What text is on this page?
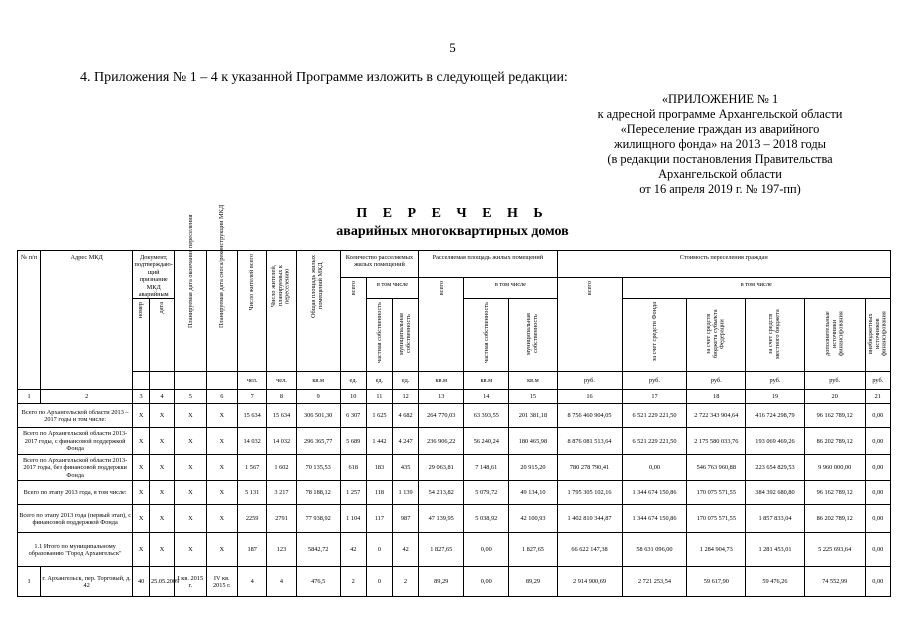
5
4. Приложения № 1 – 4 к указанной Программе изложить в следующей редакции:
«ПРИЛОЖЕНИЕ № 1
к адресной программе Архангельской области
«Переселение граждан из аварийного
жилищного фонда» на 2013 – 2018 годы
(в редакции постановления Правительства
Архангельской области
от 16 апреля 2019 г. № 197-пп)
П Е Р Е Ч Е Н Ь
аварийных многоквартирных домов
№ п/п	Адрес МКД	Документ, подтверждаю-щий признание МКД аварийным		Планируемая дата окончания переселения	Планируемая дата сноса/реконструкции МКД	Число жителей всего	Число жителей, планируемых к переселению	Общая площадь жилых помещений МКД	Количество расселяемых жилых помещений			Расселяемая площадь жилых помещений			Стоимость переселения граждан					
									всего	в том числе		всего	в том числе		всего	в том числе				
		номер	дата							частная собственность	муниципальная собственность		частная собственность	муниципальная собственность		за счет средств Фонда	за счет средств бюджета субъекта Федерации	за счет средств местного бюджета	дополнительные источники финансирования	внебюджетных источников финансирования
						чел.	чел.	кв.м	ед.	ед.	ед.	кв.м	кв.м	кв.м	руб.	руб.	руб.	руб.	руб.	руб.
1	2	3	4	5	6	7	8	9	10	11	12	13	14	15	16	17	18	19	20	21
Всего по Архангельской области 2013 – 2017 годы и том числе:		X	X	X	X	15 634	15 634	306 501,30	6 307	1 625	4 682	264 770,03	63 393,55	201 381,18	8 756 460 904,05	6 521 229 221,50	2 722 343 904,64	416 724 298,79	96 162 789,12	0,00
Всего по Архангельской области 2013-2017 годы, с финансовой поддержкой Фонда		X	X	X	X	14 032	14 032	296 365,77	5 689	1 442	4 247	236 906,22	56 240,24	180 465,98	8 876 081 513,64	6 521 229 221,50	2 175 580 033,76	193 069 469,26	86 202 789,12	0,00
Всего по Архангельской области 2013-2017 годы, без финансовой поддержки Фонда		X	X	X	X	1 567	1 602	70 135,53	618	183	435	29 063,81	7 148,61	20 915,20	780 278 790,41	0,00	546 763 960,88	223 654 829,53	9 960 000,00	0,00
Всего по этапу 2013 года, в том числе:		X	X	X	X	5 131	3 217	78 188,12	1 257	118	1 139	54 213,82	5 079,72	49 134,10	1 795 305 102,16	1 344 674 150,86	170 075 571,55	384 392 680,80	96 162 789,12	0,00
Всего по этапу 2013 года (первый этап), с финансовой поддержкой Фонда		X	X	X	X	2259	2791	77 938,92	1 104	117	987	47 139,95	5 038,92	42 100,93	1 402 810 344,87	1 344 674 150,86	170 075 571,55	1 857 833,04	86 202 789,12	0,00
1.1 Итого по муниципальному образованию "Город Архангельск"		X	X	X	X	187	123	5842,72	42	0	42	1 827,65	0,00	1 827,65	66 622 147,38	58 631 096,00	1 284 904,73	1 281 453,01	5 225 693,64	0,00
1	г. Архангельск, пер. Торговый, д. 42	40	25.05.2009	I кв. 2015 г.	IV кв. 2015 г.	4	4	476,5	2	0	2	89,29	0,00	89,29	2 914 900,69	2 721 253,54	59 617,90	59 476,26	74 552,99	0,00
